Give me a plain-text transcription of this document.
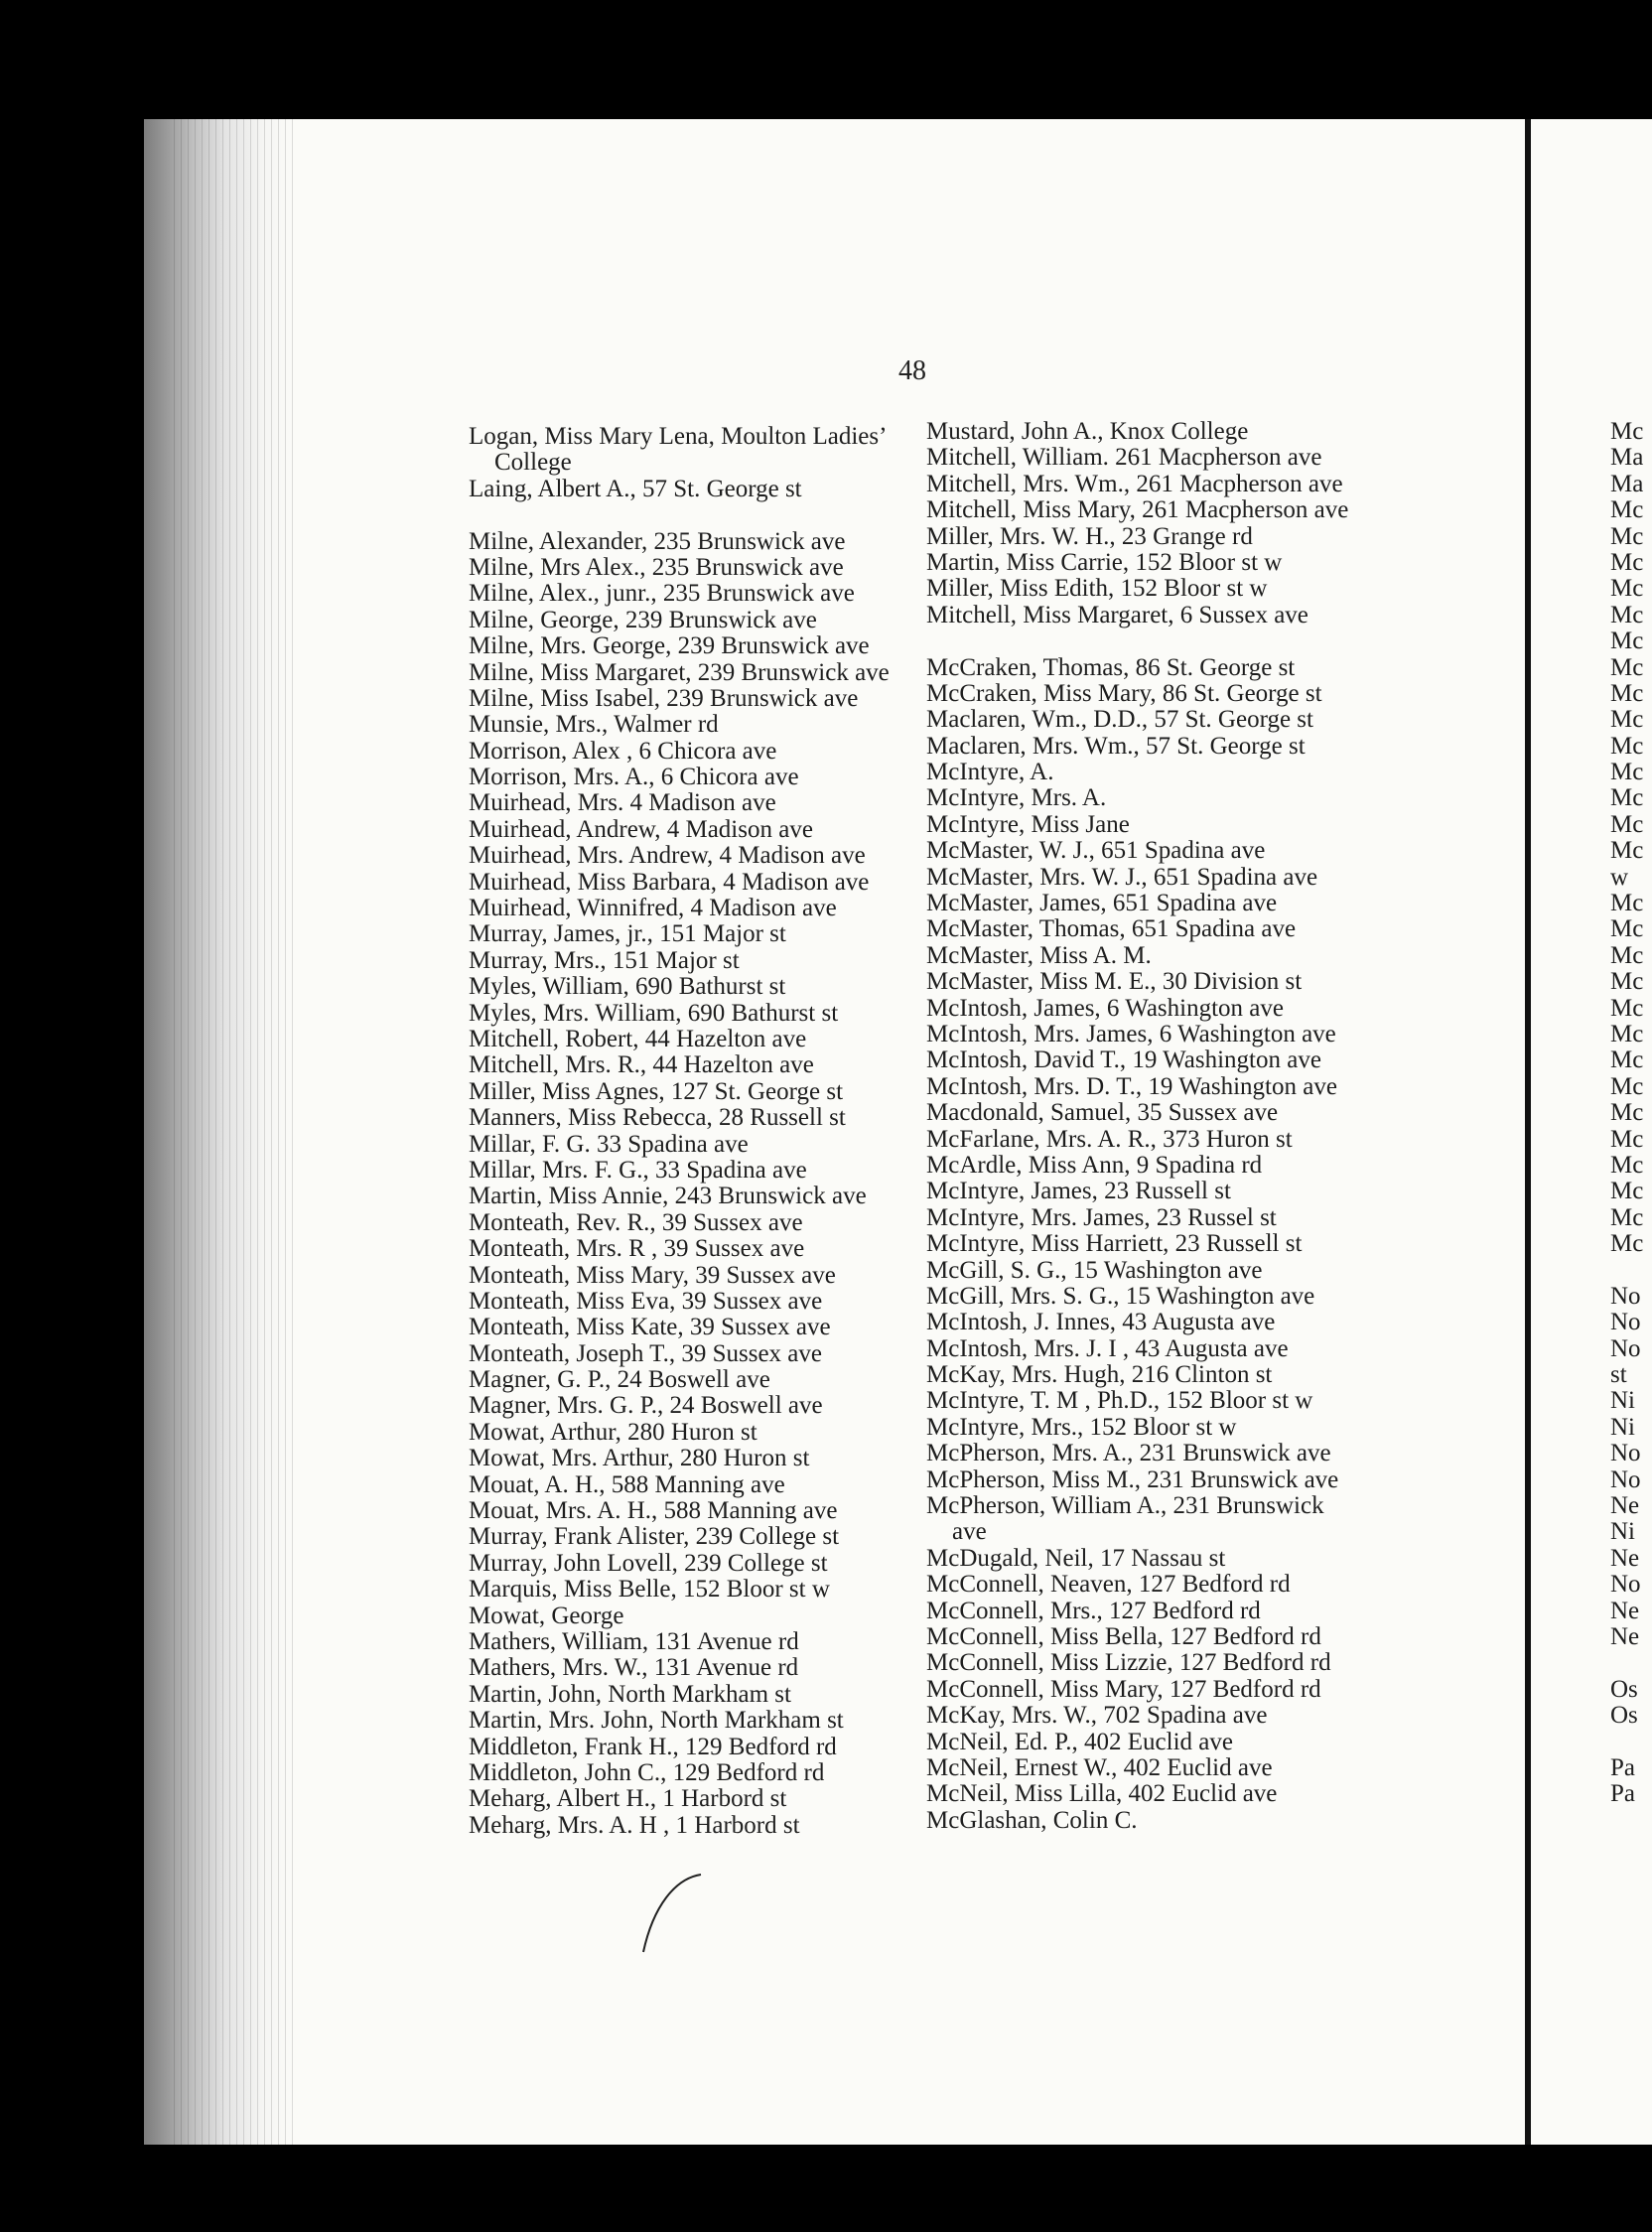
48
Logan, Miss Mary Lena, Moulton Ladies’
College
Laing, Albert A., 57 St. George st
Milne, Alexander, 235 Brunswick ave
Milne, Mrs Alex., 235 Brunswick ave
Milne, Alex., junr., 235 Brunswick ave
Milne, George, 239 Brunswick ave
Milne, Mrs. George, 239 Brunswick ave
Milne, Miss Margaret, 239 Brunswick ave
Milne, Miss Isabel, 239 Brunswick ave
Munsie, Mrs., Walmer rd
Morrison, Alex , 6 Chicora ave
Morrison, Mrs. A., 6 Chicora ave
Muirhead, Mrs. 4 Madison ave
Muirhead, Andrew, 4 Madison ave
Muirhead, Mrs. Andrew, 4 Madison ave
Muirhead, Miss Barbara, 4 Madison ave
Muirhead, Winnifred, 4 Madison ave
Murray, James, jr., 151 Major st
Murray, Mrs., 151 Major st
Myles, William, 690 Bathurst st
Myles, Mrs. William, 690 Bathurst st
Mitchell, Robert, 44 Hazelton ave
Mitchell, Mrs. R., 44 Hazelton ave
Miller, Miss Agnes, 127 St. George st
Manners, Miss Rebecca, 28 Russell st
Millar, F. G. 33 Spadina ave
Millar, Mrs. F. G., 33 Spadina ave
Martin, Miss Annie, 243 Brunswick ave
Monteath, Rev. R., 39 Sussex ave
Monteath, Mrs. R , 39 Sussex ave
Monteath, Miss Mary, 39 Sussex ave
Monteath, Miss Eva, 39 Sussex ave
Monteath, Miss Kate, 39 Sussex ave
Monteath, Joseph T., 39 Sussex ave
Magner, G. P., 24 Boswell ave
Magner, Mrs. G. P., 24 Boswell ave
Mowat, Arthur, 280 Huron st
Mowat, Mrs. Arthur, 280 Huron st
Mouat, A. H., 588 Manning ave
Mouat, Mrs. A. H., 588 Manning ave
Murray, Frank Alister, 239 College st
Murray, John Lovell, 239 College st
Marquis, Miss Belle, 152 Bloor st w
Mowat, George
Mathers, William, 131 Avenue rd
Mathers, Mrs. W., 131 Avenue rd
Martin, John, North Markham st
Martin, Mrs. John, North Markham st
Middleton, Frank H., 129 Bedford rd
Middleton, John C., 129 Bedford rd
Meharg, Albert H., 1 Harbord st
Meharg, Mrs. A. H , 1 Harbord st
Mustard, John A., Knox College
Mitchell, William. 261 Macpherson ave
Mitchell, Mrs. Wm., 261 Macpherson ave
Mitchell, Miss Mary, 261 Macpherson ave
Miller, Mrs. W. H., 23 Grange rd
Martin, Miss Carrie, 152 Bloor st w
Miller, Miss Edith, 152 Bloor st w
Mitchell, Miss Margaret, 6 Sussex ave
McCraken, Thomas, 86 St. George st
McCraken, Miss Mary, 86 St. George st
Maclaren, Wm., D.D., 57 St. George st
Maclaren, Mrs. Wm., 57 St. George st
McIntyre, A.
McIntyre, Mrs. A.
McIntyre, Miss Jane
McMaster, W. J., 651 Spadina ave
McMaster, Mrs. W. J., 651 Spadina ave
McMaster, James, 651 Spadina ave
McMaster, Thomas, 651 Spadina ave
McMaster, Miss A. M.
McMaster, Miss M. E., 30 Division st
McIntosh, James, 6 Washington ave
McIntosh, Mrs. James, 6 Washington ave
McIntosh, David T., 19 Washington ave
McIntosh, Mrs. D. T., 19 Washington ave
Macdonald, Samuel, 35 Sussex ave
McFarlane, Mrs. A. R., 373 Huron st
McArdle, Miss Ann, 9 Spadina rd
McIntyre, James, 23 Russell st
McIntyre, Mrs. James, 23 Russel st
McIntyre, Miss Harriett, 23 Russell st
McGill, S. G., 15 Washington ave
McGill, Mrs. S. G., 15 Washington ave
McIntosh, J. Innes, 43 Augusta ave
McIntosh, Mrs. J. I , 43 Augusta ave
McKay, Mrs. Hugh, 216 Clinton st
McIntyre, T. M , Ph.D., 152 Bloor st w
McIntyre, Mrs., 152 Bloor st w
McPherson, Mrs. A., 231 Brunswick ave
McPherson, Miss M., 231 Brunswick ave
McPherson, William A., 231 Brunswick
ave
McDugald, Neil, 17 Nassau st
McConnell, Neaven, 127 Bedford rd
McConnell, Mrs., 127 Bedford rd
McConnell, Miss Bella, 127 Bedford rd
McConnell, Miss Lizzie, 127 Bedford rd
McConnell, Miss Mary, 127 Bedford rd
McKay, Mrs. W., 702 Spadina ave
McNeil, Ed. P., 402 Euclid ave
McNeil, Ernest W., 402 Euclid ave
McNeil, Miss Lilla, 402 Euclid ave
McGlashan, Colin C.
Mc
Ma
Ma
Mc
Mc
Mc
Mc
Mc
Mc
Mc
Mc
Mc
Mc
Mc
Mc
Mc
Mc
w
Mc
Mc
Mc
Mc
Mc
Mc
Mc
Mc
Mc
Mc
Mc
Mc
Mc
Mc
No
No
No
st
Ni
Ni
No
No
Ne
Ni
Ne
No
Ne
Ne
Os
Os
Pa
Pa
